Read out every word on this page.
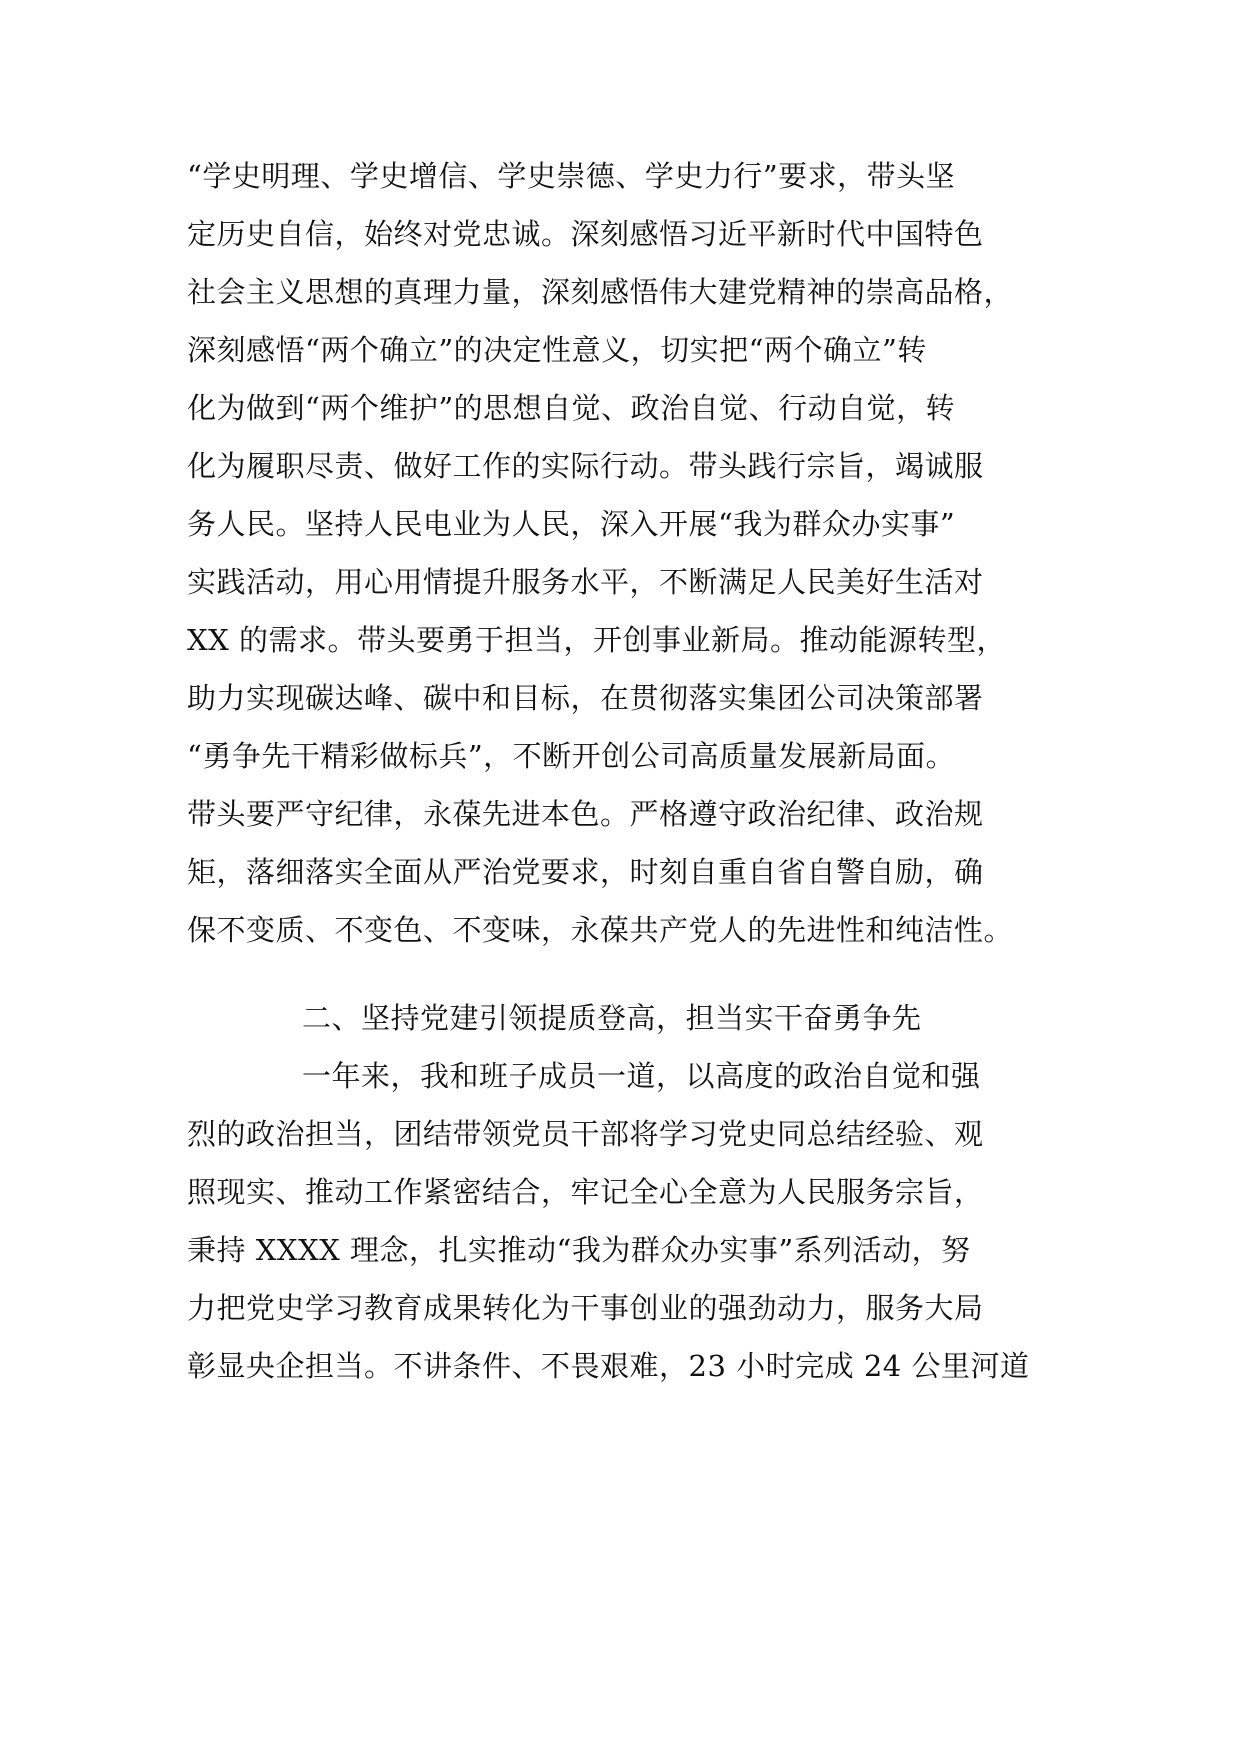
“学史明理、学史增信、学史崇德、学史力行”要求，带头坚
定历史自信，始终对党忠诚。深刻感悟习近平新时代中国特色
社会主义思想的真理力量，深刻感悟伟大建党精神的崇高品格，
深刻感悟“两个确立”的决定性意义，切实把“两个确立”转
化为做到“两个维护”的思想自觉、政治自觉、行动自觉，转
化为履职尽责、做好工作的实际行动。带头践行宗旨，竭诚服
务人民。坚持人民电业为人民，深入开展“我为群众办实事”
实践活动，用心用情提升服务水平，不断满足人民美好生活对
XX 的需求。带头要勇于担当，开创事业新局。推动能源转型，
助力实现碳达峰、碳中和目标，在贯彻落实集团公司决策部署
“勇争先干精彩做标兵”，不断开创公司高质量发展新局面。
带头要严守纪律，永葆先进本色。严格遵守政治纪律、政治规
矩，落细落实全面从严治党要求，时刻自重自省自警自励，确
保不变质、不变色、不变味，永葆共产党人的先进性和纯洁性。
二、坚持党建引领提质登高，担当实干奋勇争先
一年来，我和班子成员一道，以高度的政治自觉和强
烈的政治担当，团结带领党员干部将学习党史同总结经验、观
照现实、推动工作紧密结合，牢记全心全意为人民服务宗旨，
秉持 XXXX 理念，扎实推动“我为群众办实事”系列活动，努
力把党史学习教育成果转化为干事创业的强劲动力，服务大局
彰显央企担当。不讲条件、不畏艰难，23 小时完成 24 公里河道
